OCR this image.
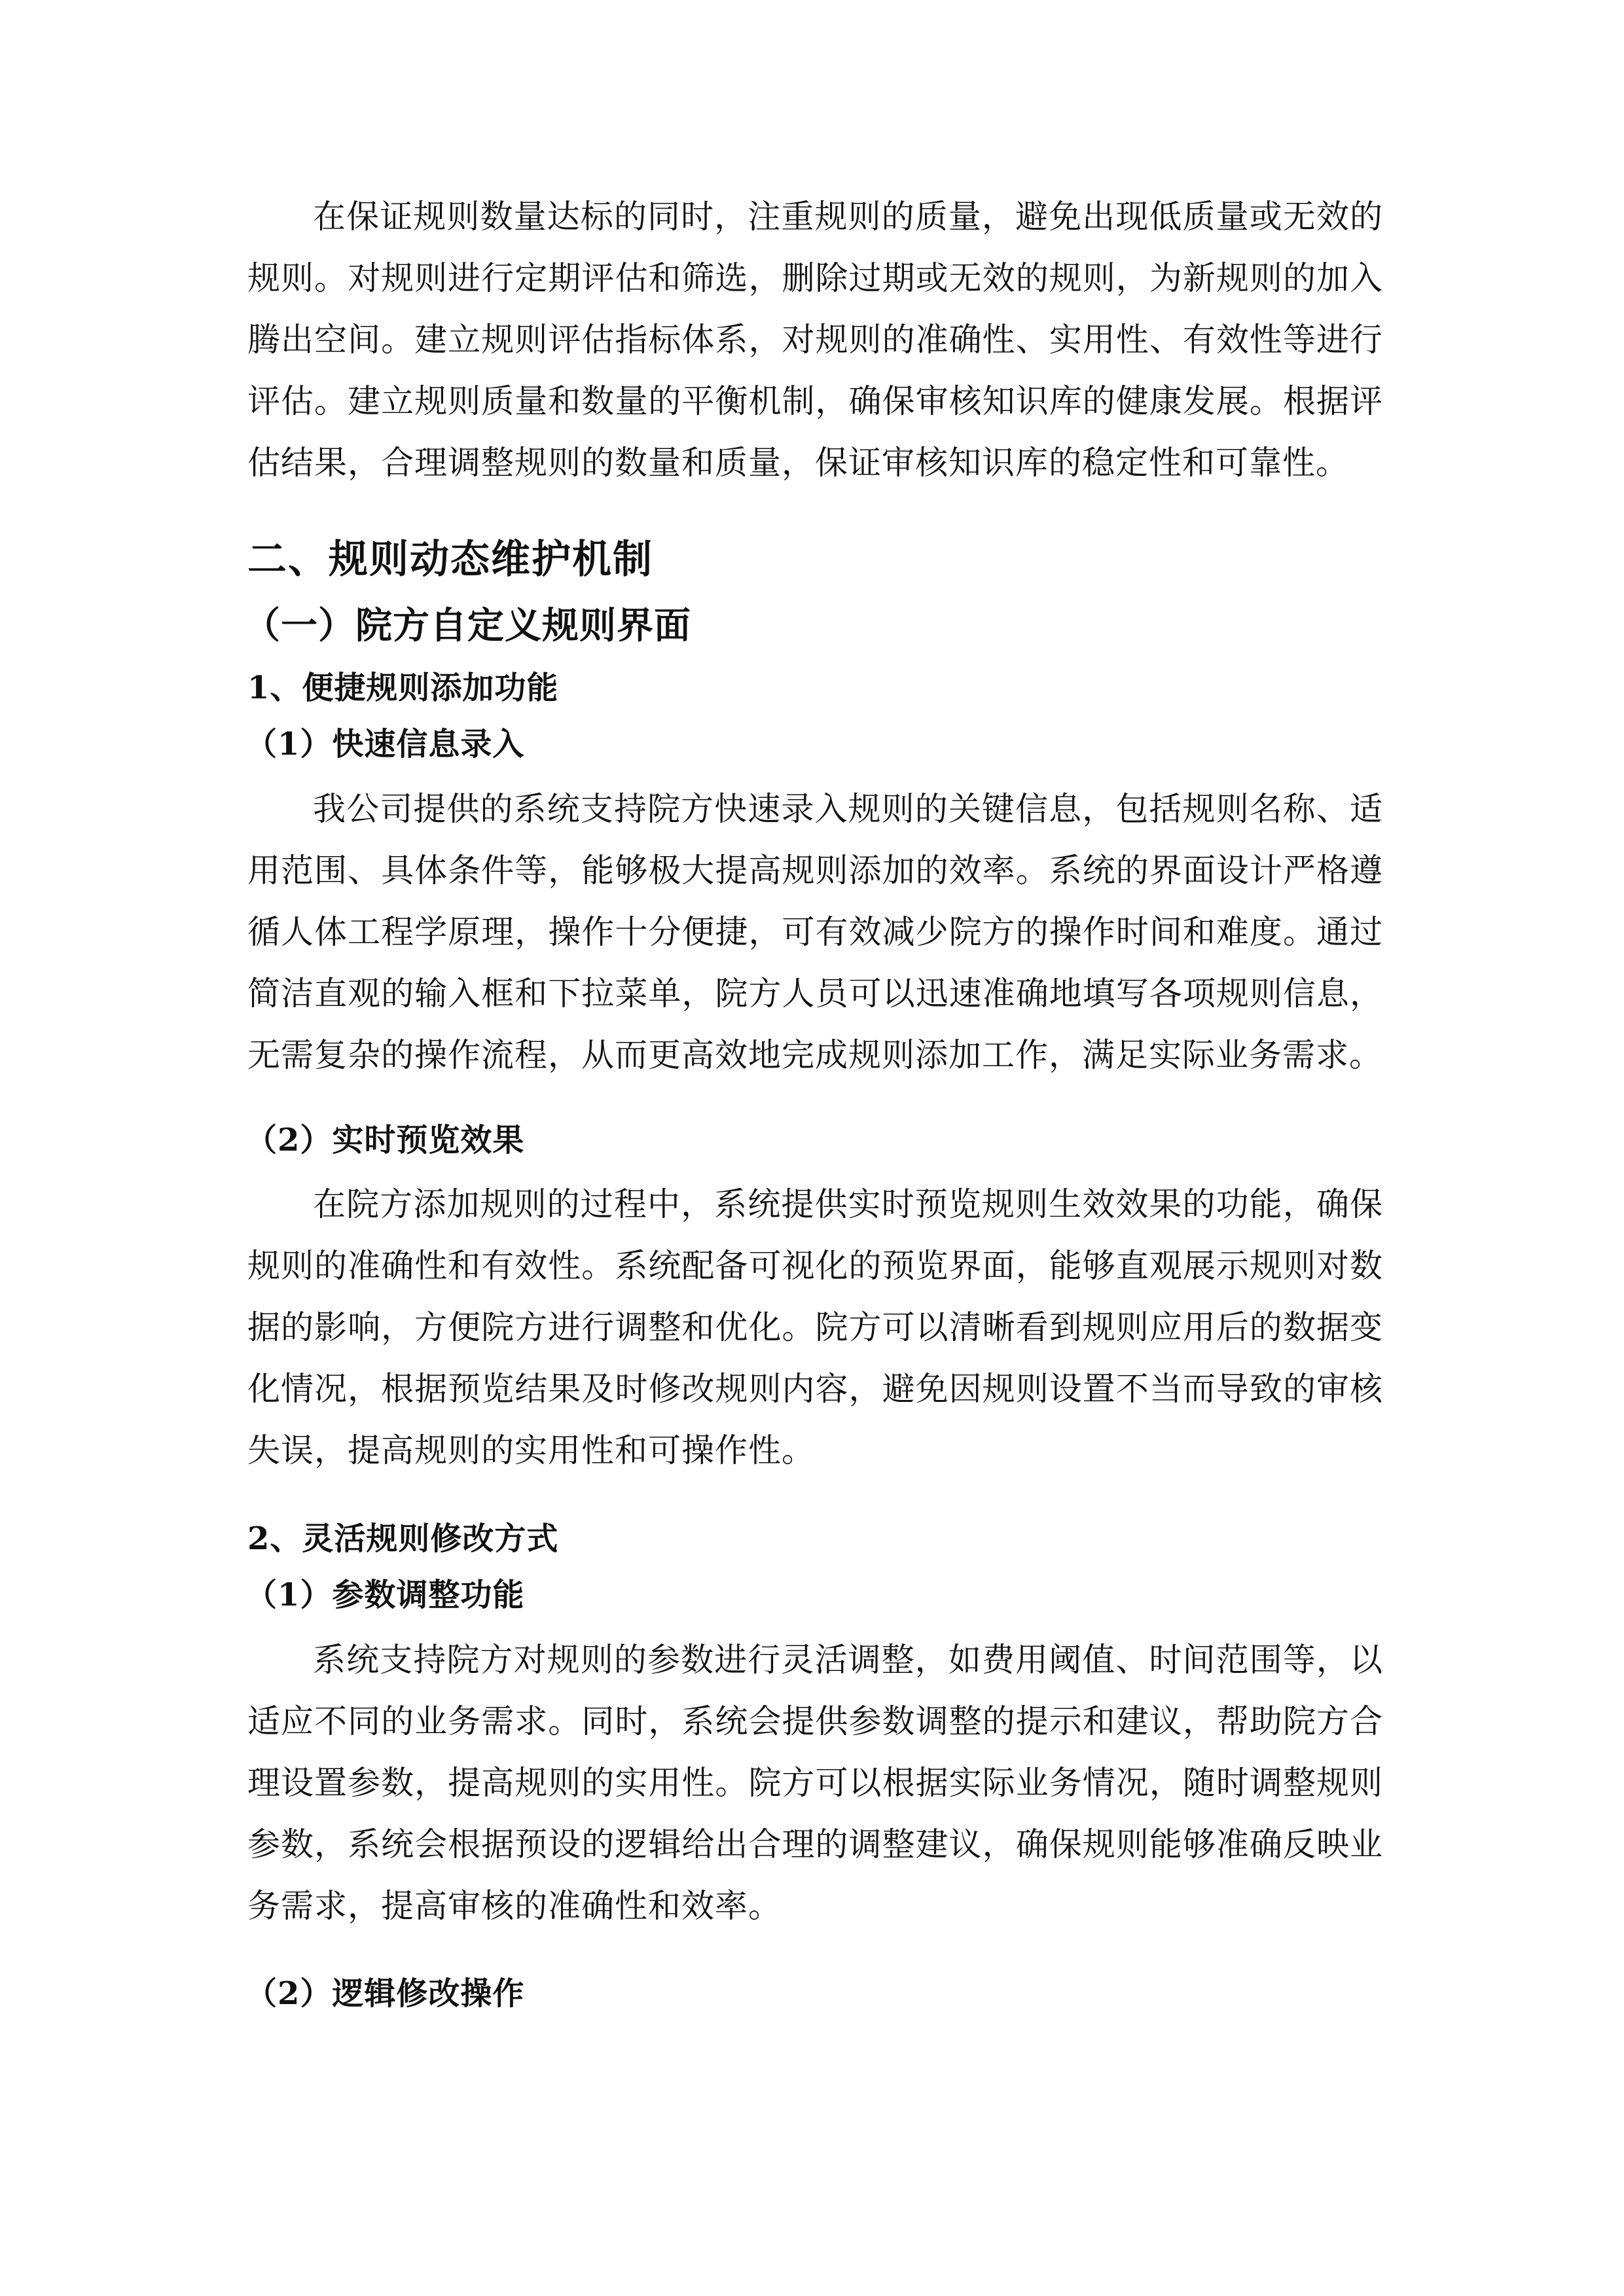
在保证规则数量达标的同时，注重规则的质量，避免出现低质量或无效的规则。对规则进行定期评估和筛选，删除过期或无效的规则，为新规则的加入腾出空间。建立规则评估指标体系，对规则的准确性、实用性、有效性等进行评估。建立规则质量和数量的平衡机制，确保审核知识库的健康发展。根据评估结果，合理调整规则的数量和质量，保证审核知识库的稳定性和可靠性。

二、规则动态维护机制
（一）院方自定义规则界面
1、便捷规则添加功能
（1）快速信息录入

我公司提供的系统支持院方快速录入规则的关键信息，包括规则名称、适用范围、具体条件等，能够极大提高规则添加的效率。系统的界面设计严格遵循人体工程学原理，操作十分便捷，可有效减少院方的操作时间和难度。通过简洁直观的输入框和下拉菜单，院方人员可以迅速准确地填写各项规则信息，无需复杂的操作流程，从而更高效地完成规则添加工作，满足实际业务需求。

（2）实时预览效果

在院方添加规则的过程中，系统提供实时预览规则生效效果的功能，确保规则的准确性和有效性。系统配备可视化的预览界面，能够直观展示规则对数据的影响，方便院方进行调整和优化。院方可以清晰看到规则应用后的数据变化情况，根据预览结果及时修改规则内容，避免因规则设置不当而导致的审核失误，提高规则的实用性和可操作性。

2、灵活规则修改方式
（1）参数调整功能

系统支持院方对规则的参数进行灵活调整，如费用阈值、时间范围等，以适应不同的业务需求。同时，系统会提供参数调整的提示和建议，帮助院方合理设置参数，提高规则的实用性。院方可以根据实际业务情况，随时调整规则参数，系统会根据预设的逻辑给出合理的调整建议，确保规则能够准确反映业务需求，提高审核的准确性和效率。

（2）逻辑修改操作
